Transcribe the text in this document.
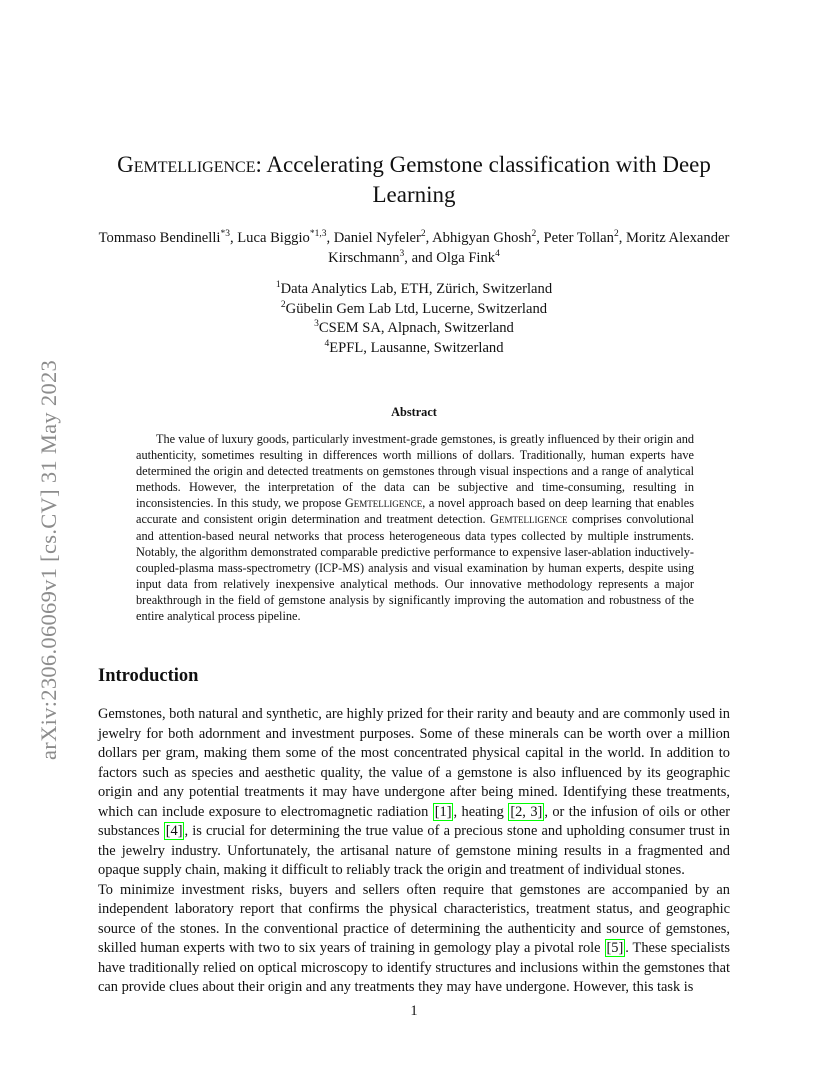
arXiv:2306.06069v1 [cs.CV] 31 May 2023
Gemtelligence: Accelerating Gemstone classification with Deep Learning
Tommaso Bendinelli$^{*3}$, Luca Biggio$^{*1,3}$, Daniel Nyfeler$^2$, Abhigyan Ghosh$^2$, Peter Tollan$^2$, Moritz Alexander Kirschmann$^3$, and Olga Fink$^4$
$^1$Data Analytics Lab, ETH, Zürich, Switzerland
$^2$Gübelin Gem Lab Ltd, Lucerne, Switzerland
$^3$CSEM SA, Alpnach, Switzerland
$^4$EPFL, Lausanne, Switzerland
Abstract

The value of luxury goods, particularly investment-grade gemstones, is greatly influenced by their origin and authenticity, sometimes resulting in differences worth millions of dollars. Traditionally, human experts have determined the origin and detected treatments on gemstones through visual inspections and a range of analytical methods. However, the interpretation of the data can be subjective and time-consuming, resulting in inconsistencies. In this study, we propose Gemtelligence, a novel approach based on deep learning that enables accurate and consistent origin determination and treatment detection. Gemtelligence comprises convolutional and attention-based neural networks that process heterogeneous data types collected by multiple instruments. Notably, the algorithm demonstrated comparable predictive performance to expensive laser-ablation inductively-coupled-plasma mass-spectrometry (ICP-MS) analysis and visual examination by human experts, despite using input data from relatively inexpensive analytical methods. Our innovative methodology represents a major breakthrough in the field of gemstone analysis by significantly improving the automation and robustness of the entire analytical process pipeline.

Introduction

Gemstones, both natural and synthetic, are highly prized for their rarity and beauty and are commonly used in jewelry for both adornment and investment purposes. Some of these minerals can be worth over a million dollars per gram, making them some of the most concentrated physical capital in the world. In addition to factors such as species and aesthetic quality, the value of a gemstone is also influenced by its geographic origin and any potential treatments it may have undergone after being mined. Identifying these treatments, which can include exposure to electromagnetic radiation [1] , heating [2, 3] , or the infusion of oils or other substances [4] , is crucial for determining the true value of a precious stone and upholding consumer trust in the jewelry industry. Unfortunately, the artisanal nature of gemstone mining results in a fragmented and opaque supply chain, making it difficult to reliably track the origin and treatment of individual stones.

To minimize investment risks, buyers and sellers often require that gemstones are accompanied by an independent laboratory report that confirms the physical characteristics, treatment status, and geographic source of the stones. In the conventional practice of determining the authenticity and source of gemstones, skilled human experts with two to six years of training in gemology play a pivotal role [5] . These specialists have traditionally relied on optical microscopy to identify structures and inclusions within the gemstones that can provide clues about their origin and any treatments they may have undergone. However, this task is

1
